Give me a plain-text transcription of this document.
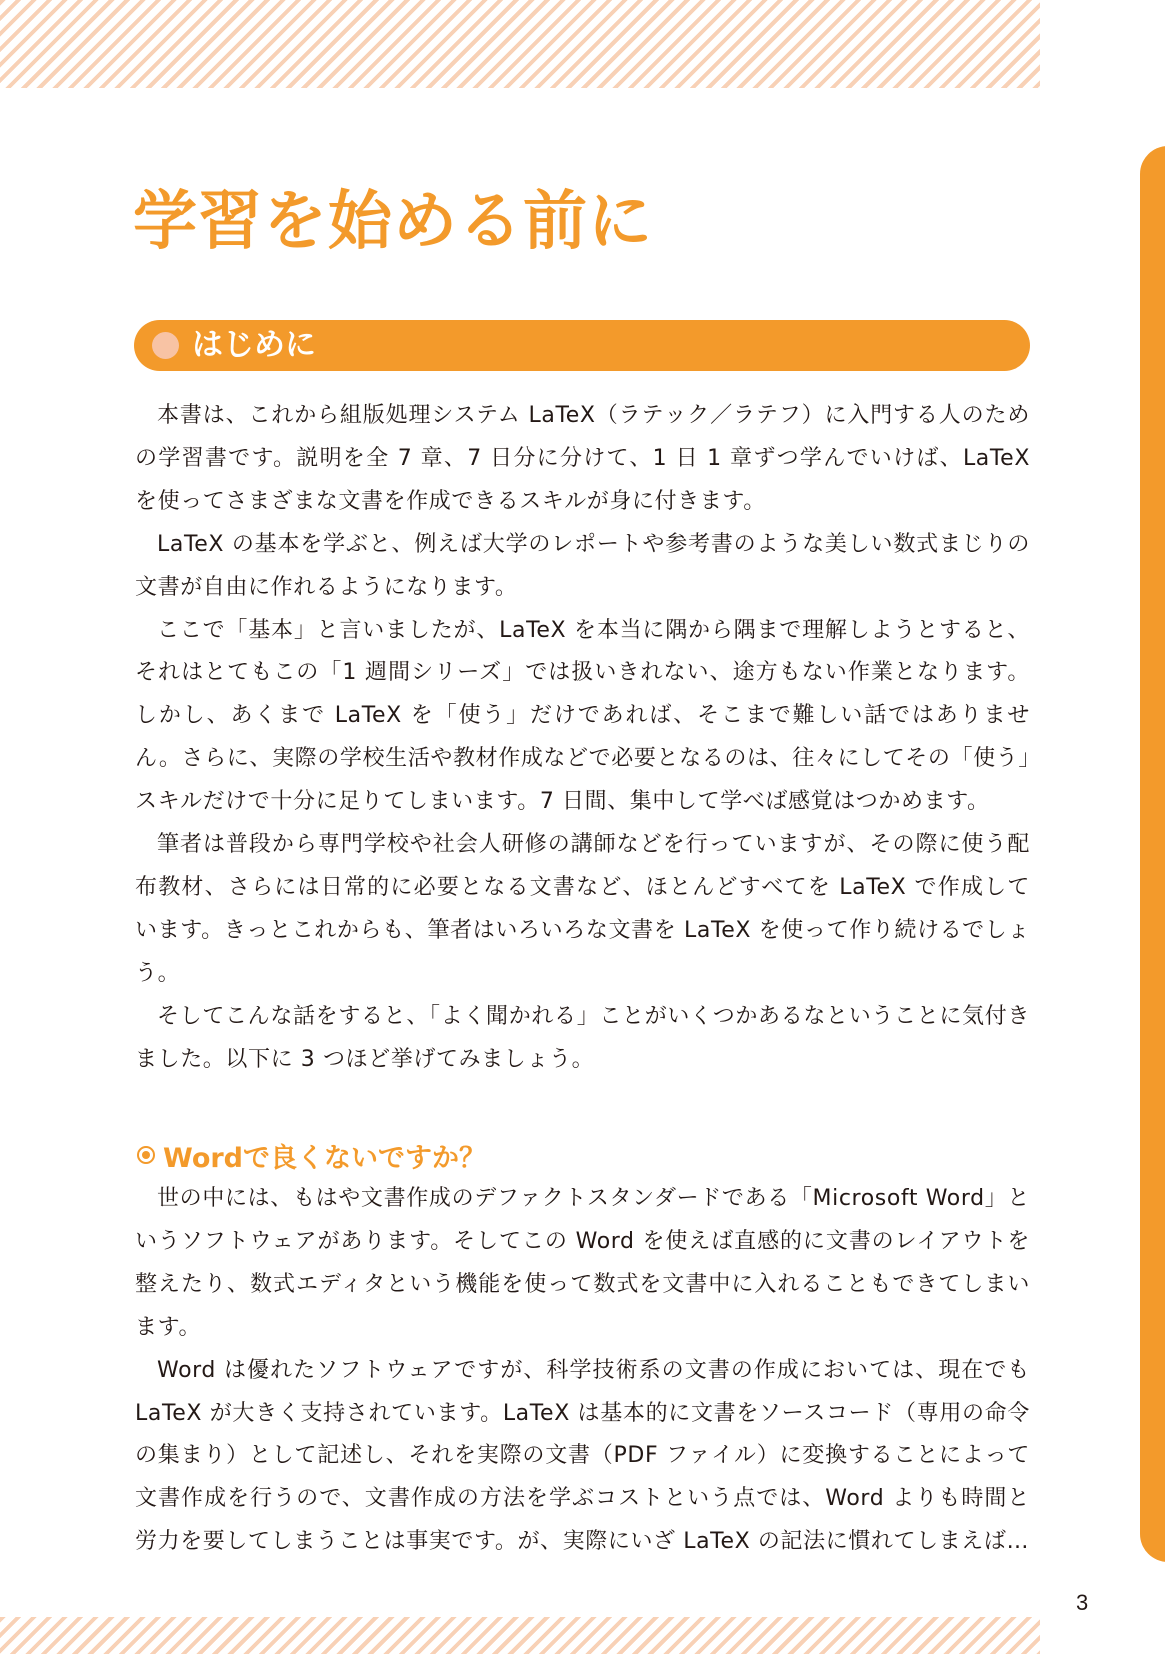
学習を始める前に
はじめに

本書は、これから組版処理システム LaTeX（ラテック／ラテフ）に入門する人のための学習書です。説明を全 7 章、7 日分に分けて、1 日 1 章ずつ学んでいけば、LaTeX を使ってさまざまな文書を作成できるスキルが身に付きます。

LaTeX の基本を学ぶと、例えば大学のレポートや参考書のような美しい数式まじりの文書が自由に作れるようになります。

ここで「基本」と言いましたが、LaTeX を本当に隅から隅まで理解しようとすると、それはとてもこの「1 週間シリーズ」では扱いきれない、途方もない作業となります。しかし、あくまで LaTeX を「使う」だけであれば、そこまで難しい話ではありません。さらに、実際の学校生活や教材作成などで必要となるのは、往々にしてその「使う」スキルだけで十分に足りてしまいます。7 日間、集中して学べば感覚はつかめます。

筆者は普段から専門学校や社会人研修の講師などを行っていますが、その際に使う配布教材、さらには日常的に必要となる文書など、ほとんどすべてを LaTeX で作成しています。きっとこれからも、筆者はいろいろな文書を LaTeX を使って作り続けるでしょう。

そしてこんな話をすると、「よく聞かれる」ことがいくつかあるなということに気付きました。以下に 3 つほど挙げてみましょう。

Wordで良くないですか？

世の中には、もはや文書作成のデファクトスタンダードである「Microsoft Word」というソフトウェアがあります。そしてこの Word を使えば直感的に文書のレイアウトを整えたり、数式エディタという機能を使って数式を文書中に入れることもできてしまいます。

Word は優れたソフトウェアですが、科学技術系の文書の作成においては、現在でも LaTeX が大きく支持されています。LaTeX は基本的に文書をソースコード（専用の命令の集まり）として記述し、それを実際の文書（PDF ファイル）に変換することによって文書作成を行うので、文書作成の方法を学ぶコストという点では、Word よりも時間と労力を要してしまうことは事実です。が、実際にいざ LaTeX の記法に慣れてしまえば…

3
